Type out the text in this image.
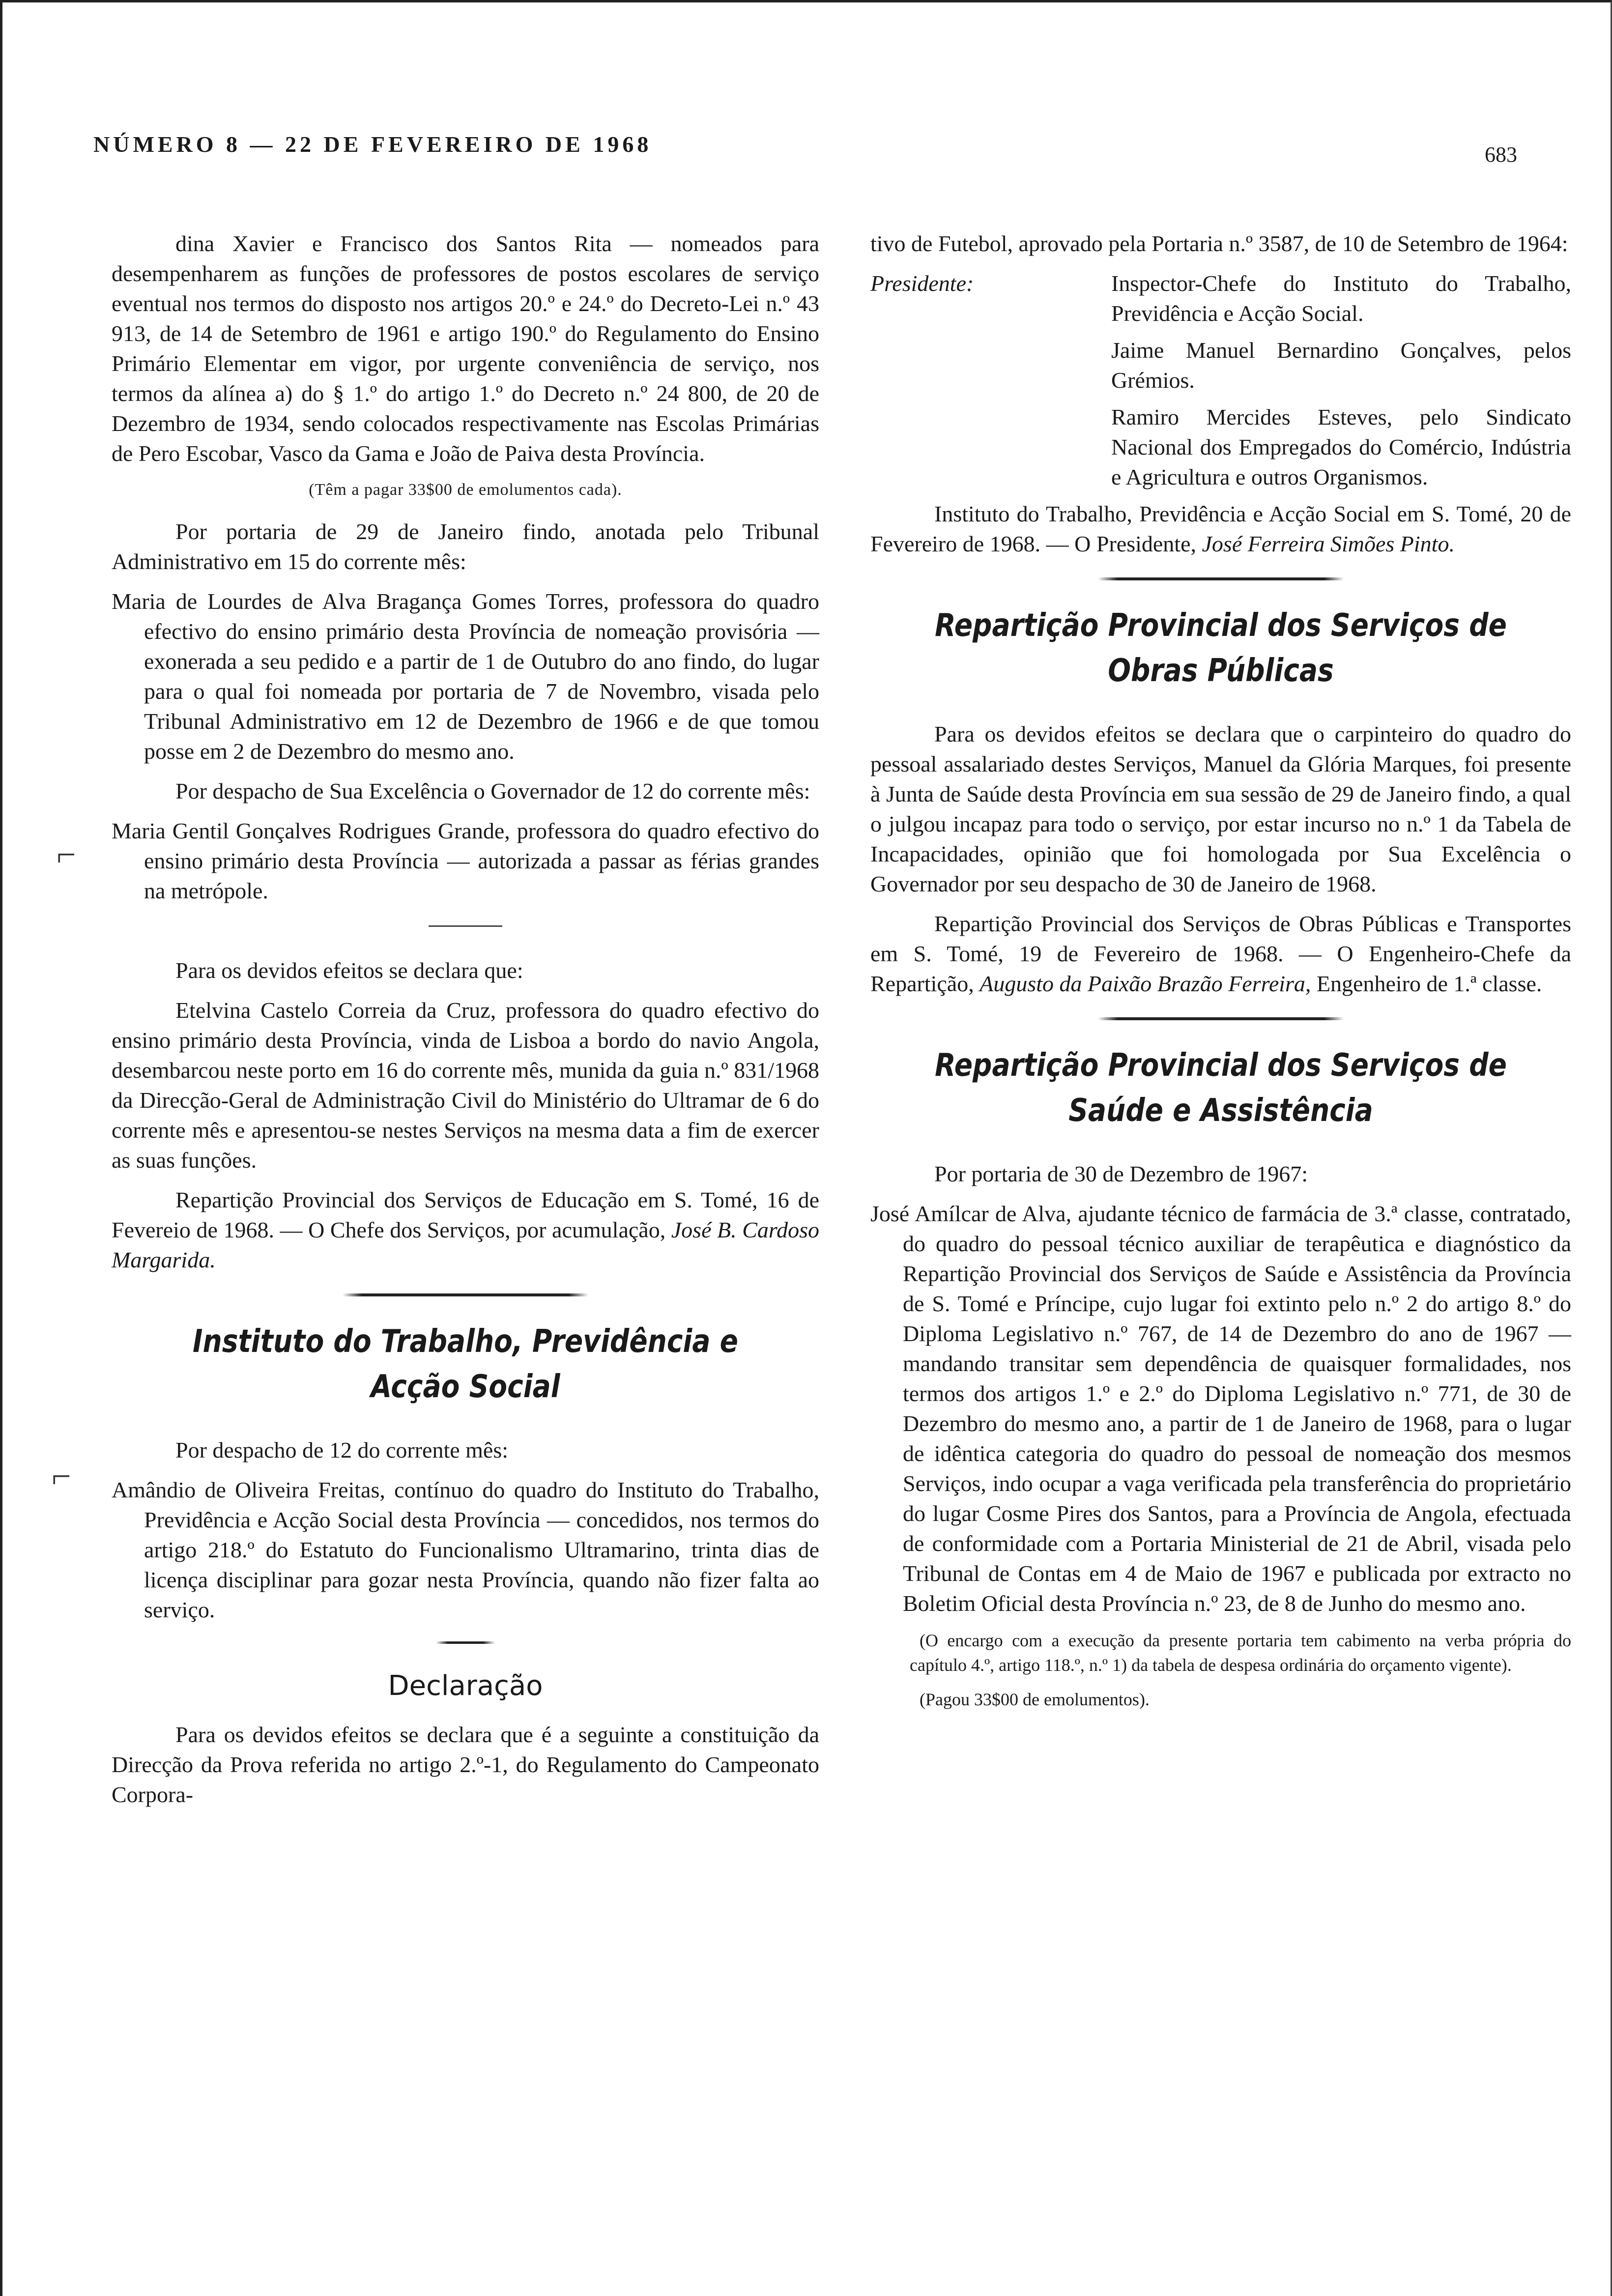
NÚMERO 8 — 22 DE FEVEREIRO DE 1968	683

dina Xavier e Francisco dos Santos Rita — nomeados para desempenharem as funções de professores de postos escolares de serviço eventual nos termos do disposto nos artigos 20.º e 24.º do Decreto-Lei n.º 43 913, de 14 de Setembro de 1961 e artigo 190.º do Regulamento do Ensino Primário Elementar em vigor, por urgente conveniência de serviço, nos termos da alínea a) do § 1.º do artigo 1.º do Decreto n.º 24 800, de 20 de Dezembro de 1934, sendo colocados respectivamente nas Escolas Primárias de Pero Escobar, Vasco da Gama e João de Paiva desta Província.

(Têm a pagar 33$00 de emolumentos cada).

Por portaria de 29 de Janeiro findo, anotada pelo Tribunal Administrativo em 15 do corrente mês:

Maria de Lourdes de Alva Bragança Gomes Torres, professora do quadro efectivo do ensino primário desta Província de nomeação provisória — exonerada a seu pedido e a partir de 1 de Outubro do ano findo, do lugar para o qual foi nomeada por portaria de 7 de Novembro, visada pelo Tribunal Administrativo em 12 de Dezembro de 1966 e de que tomou posse em 2 de Dezembro do mesmo ano.

Por despacho de Sua Excelência o Governador de 12 do corrente mês:

Maria Gentil Gonçalves Rodrigues Grande, professora do quadro efectivo do ensino primário desta Província — autorizada a passar as férias grandes na metrópole.

Para os devidos efeitos se declara que:

Etelvina Castelo Correia da Cruz, professora do quadro efectivo do ensino primário desta Província, vinda de Lisboa a bordo do navio Angola, desembarcou neste porto em 16 do corrente mês, munida da guia n.º 831/1968 da Direcção-Geral de Administração Civil do Ministério do Ultramar de 6 do corrente mês e apresentou-se nestes Serviços na mesma data a fim de exercer as suas funções.

Repartição Provincial dos Serviços de Educação em S. Tomé, 16 de Fevereio de 1968. — O Chefe dos Serviços, por acumulação, José B. Cardoso Margarida.

Instituto do Trabalho, Previdência e Acção Social

Por despacho de 12 do corrente mês:

Amândio de Oliveira Freitas, contínuo do quadro do Instituto do Trabalho, Previdência e Acção Social desta Província — concedidos, nos termos do artigo 218.º do Estatuto do Funcionalismo Ultramarino, trinta dias de licença disciplinar para gozar nesta Província, quando não fizer falta ao serviço.

Declaração

Para os devidos efeitos se declara que é a seguinte a constituição da Direcção da Prova referida no artigo 2.º-1, do Regulamento do Campeonato Corpora-

tivo de Futebol, aprovado pela Portaria n.º 3587, de 10 de Setembro de 1964:

Presidente:	Inspector-Chefe do Instituto do Trabalho, Previdência e Acção Social.

Jaime Manuel Bernardino Gonçalves, pelos Grémios.

Ramiro Mercides Esteves, pelo Sindicato Nacional dos Empregados do Comércio, Indústria e Agricultura e outros Organismos.

Instituto do Trabalho, Previdência e Acção Social em S. Tomé, 20 de Fevereiro de 1968. — O Presidente, José Ferreira Simões Pinto.

Repartição Provincial dos Serviços de Obras Públicas

Para os devidos efeitos se declara que o carpinteiro do quadro do pessoal assalariado destes Serviços, Manuel da Glória Marques, foi presente à Junta de Saúde desta Província em sua sessão de 29 de Janeiro findo, a qual o julgou incapaz para todo o serviço, por estar incurso no n.º 1 da Tabela de Incapacidades, opinião que foi homologada por Sua Excelência o Governador por seu despacho de 30 de Janeiro de 1968.

Repartição Provincial dos Serviços de Obras Públicas e Transportes em S. Tomé, 19 de Fevereiro de 1968. — O Engenheiro-Chefe da Repartição, Augusto da Paixão Brazão Ferreira, Engenheiro de 1.ª classe.

Repartição Provincial dos Serviços de Saúde e Assistência

Por portaria de 30 de Dezembro de 1967:

José Amílcar de Alva, ajudante técnico de farmácia de 3.ª classe, contratado, do quadro do pessoal técnico auxiliar de terapêutica e diagnóstico da Repartição Provincial dos Serviços de Saúde e Assistência da Província de S. Tomé e Príncipe, cujo lugar foi extinto pelo n.º 2 do artigo 8.º do Diploma Legislativo n.º 767, de 14 de Dezembro do ano de 1967 — mandando transitar sem dependência de quaisquer formalidades, nos termos dos artigos 1.º e 2.º do Diploma Legislativo n.º 771, de 30 de Dezembro do mesmo ano, a partir de 1 de Janeiro de 1968, para o lugar de idêntica categoria do quadro do pessoal de nomeação dos mesmos Serviços, indo ocupar a vaga verificada pela transferência do proprietário do lugar Cosme Pires dos Santos, para a Província de Angola, efectuada de conformidade com a Portaria Ministerial de 21 de Abril, visada pelo Tribunal de Contas em 4 de Maio de 1967 e publicada por extracto no Boletim Oficial desta Província n.º 23, de 8 de Junho do mesmo ano.

(O encargo com a execução da presente portaria tem cabimento na verba própria do capítulo 4.º, artigo 118.º, n.º 1) da tabela de despesa ordinária do orçamento vigente).

(Pagou 33$00 de emolumentos).

⌐
⌐
